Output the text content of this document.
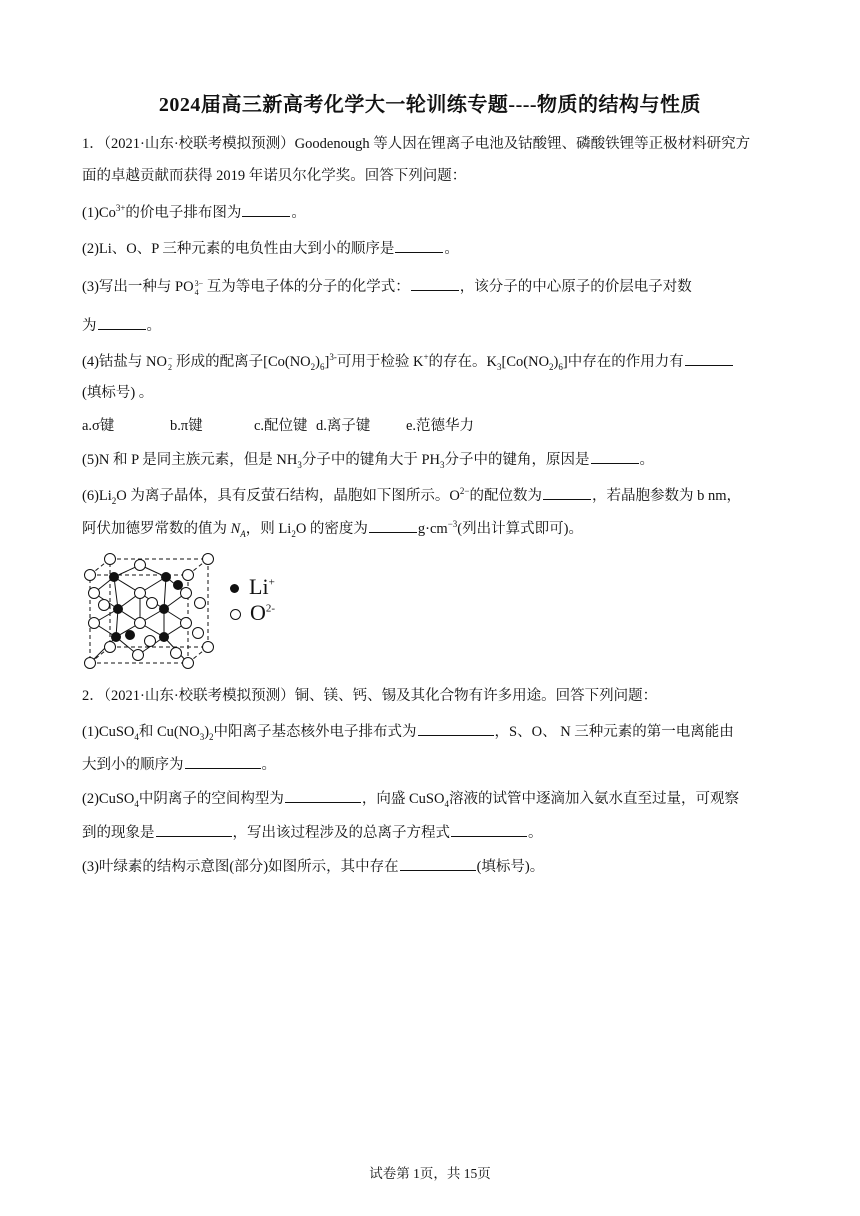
2024届高三新高考化学大一轮训练专题----物质的结构与性质
1．（2021·山东·校联考模拟预测）Goodenough 等人因在锂离子电池及钴酸锂、磷酸铁锂等正极材料研究方
面的卓越贡献而获得 2019 年诺贝尔化学奖。回答下列问题：
$(1)Co^{3+}$的价电子排布图为	。
(2)Li、O、P 三种元素的电负性由大到小的顺序是	。
(3)写出一种与 PO 3−
4 互为等电子体的分子的化学式：	，该分子的中心原子的价层电子对数
为	。
(4)钴盐与 NO −
2 形成的配离子$[Co(NO_2)_6]^{3-}$可用于检验 K+的存在。$K_3[Co(NO_2)_6]$中存在的作用力有
(填标号) 。
a.σ键	b.π键	c.配位键 d.离子键 e.范德华力
(5)N 和 P 是同主族元素，但是 $NH_3$分子中的键角大于 $PH_3$分子中的键角，原因是	。
$(6)Li_2O$ 为离子晶体，具有反萤石结构，晶胞如下图所示。$O^{2-}$的配位数为	，若晶胞参数为 b nm，
阿伏加德罗常数的值为 $N_A$，则 $Li_2O$ 的密度为	$g\cdot cm^{-3}$(列出计算式即可)。
Li+
$O^{2-}$
2．（2021·山东·校联考模拟预测）铜、镁、钙、锡及其化合物有许多用途。回答下列问题：
(1)CuSO$_4$和 $Cu(NO_3)_2$中阳离子基态核外电子排布式为	，S、O、 N 三种元素的第一电离能由
大到小的顺序为	。
(2)CuSO$_4$中阴离子的空间构型为	，向盛 CuSO$_4$溶液的试管中逐滴加入氨水直至过量，可观察
到的现象是	，写出该过程涉及的总离子方程式	。
(3)叶绿素的结构示意图(部分)如图所示，其中存在	(填标号)。
试卷第 1页，共 15页
